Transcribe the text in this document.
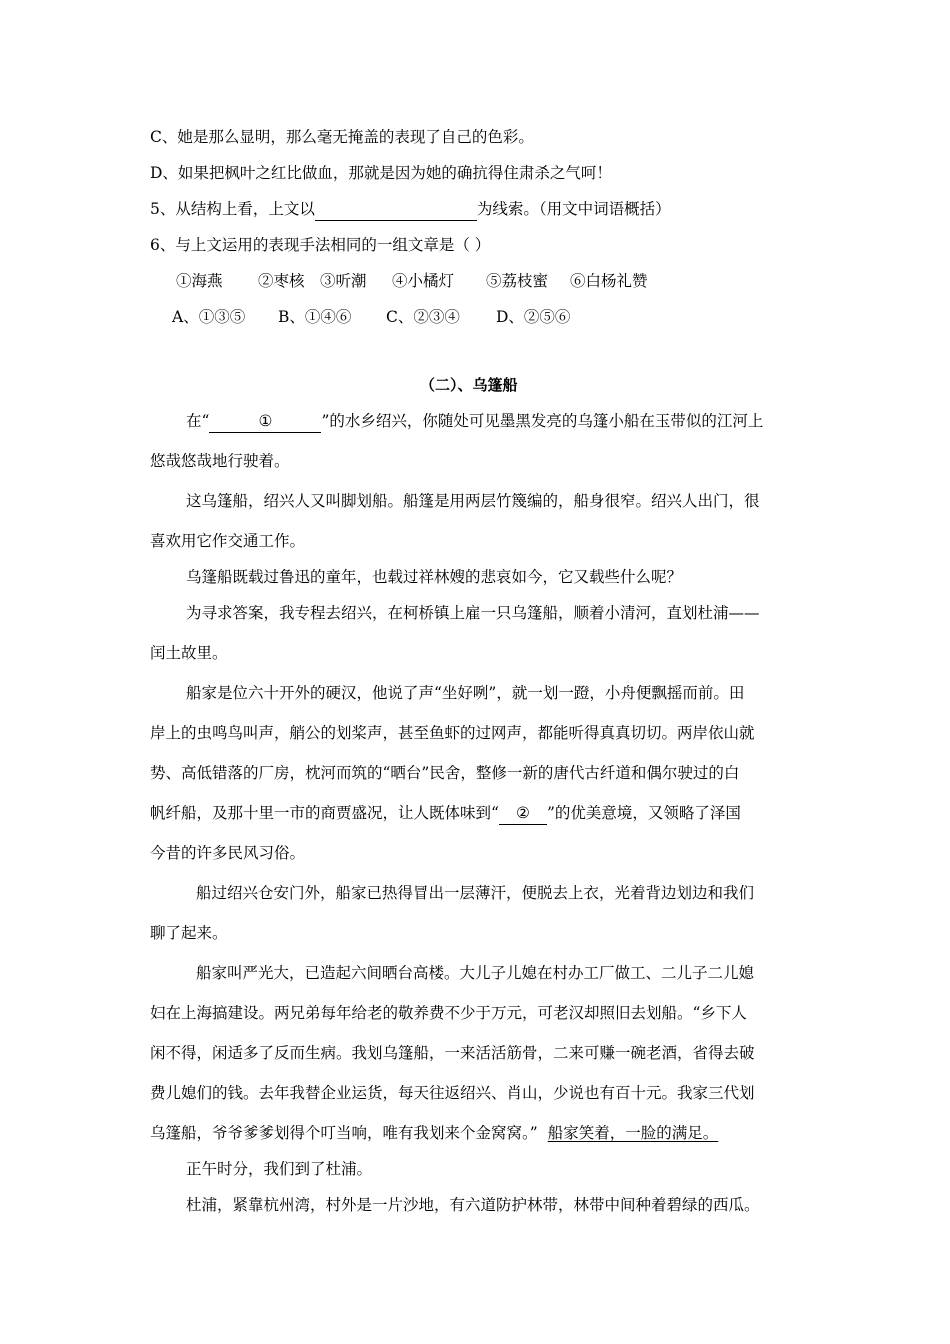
C、她是那么显明，那么毫无掩盖的表现了自己的色彩。
D、如果把枫叶之红比做血，那就是因为她的确抗得住肃杀之气呵！
5、从结构上看，上文以	为线索。（用文中词语概括）
6、与上文运用的表现手法相同的一组文章是（ ）
①海燕 ②枣核 ③听潮 ④小橘灯 ⑤荔枝蜜 ⑥白杨礼赞
A、①③⑤ B、①④⑥ C、②③④ D、②⑤⑥
（二）、乌篷船
在“	①	”的水乡绍兴，你随处可见墨黑发亮的乌篷小船在玉带似的江河上
悠哉悠哉地行驶着。
这乌篷船，绍兴人又叫脚划船。船篷是用两层竹篾编的，船身很窄。绍兴人出门，很
喜欢用它作交通工作。
乌篷船既载过鲁迅的童年，也载过祥林嫂的悲哀如今，它又载些什么呢？
为寻求答案，我专程去绍兴，在柯桥镇上雇一只乌篷船，顺着小清河，直划杜浦——
闰土故里。
船家是位六十开外的硬汉，他说了声“坐好咧”，就一划一蹬，小舟便飘摇而前。田
岸上的虫鸣鸟叫声，艄公的划桨声，甚至鱼虾的过网声，都能听得真真切切。两岸依山就
势、高低错落的厂房，枕河而筑的“晒台”民舍，整修一新的唐代古纤道和偶尔驶过的白
帆纤船，及那十里一市的商贾盛况，让人既体味到“ ② ”的优美意境，又领略了泽国
今昔的许多民风习俗。
船过绍兴仓安门外，船家已热得冒出一层薄汗，便脱去上衣，光着背边划边和我们
聊了起来。
船家叫严光大，已造起六间晒台高楼。大儿子儿媳在村办工厂做工、二儿子二儿媳
妇在上海搞建设。两兄弟每年给老的敬养费不少于万元，可老汉却照旧去划船。“乡下人
闲不得，闲适多了反而生病。我划乌篷船，一来活活筋骨，二来可赚一碗老酒，省得去破
费儿媳们的钱。去年我替企业运货，每天往返绍兴、肖山，少说也有百十元。我家三代划
乌篷船，爷爷爹爹划得个叮当响，唯有我划来个金窝窝。” 船家笑着，一脸的满足。
正午时分，我们到了杜浦。
杜浦，紧靠杭州湾，村外是一片沙地，有六道防护林带，林带中间种着碧绿的西瓜。
